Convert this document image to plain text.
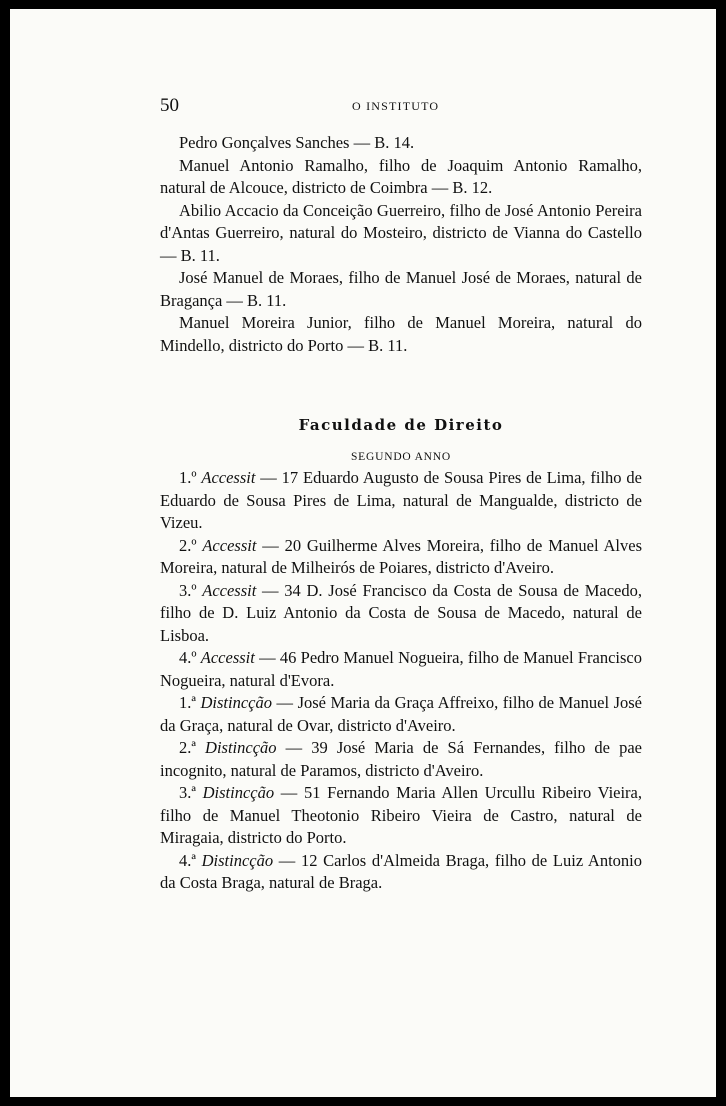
50	O INSTITUTO

Pedro Gonçalves Sanches — B. 14.

Manuel Antonio Ramalho, filho de Joaquim Antonio Ramalho, natural de Alcouce, districto de Coimbra — B. 12.

Abilio Accacio da Conceição Guerreiro, filho de José Antonio Pereira d'Antas Guerreiro, natural do Mosteiro, districto de Vianna do Castello — B. 11.

José Manuel de Moraes, filho de Manuel José de Moraes, natural de Bragança — B. 11.

Manuel Moreira Junior, filho de Manuel Moreira, natural do Mindello, districto do Porto — B. 11.

Faculdade de Direito
SEGUNDO ANNO

1.º Accessit — 17 Eduardo Augusto de Sousa Pires de Lima, filho de Eduardo de Sousa Pires de Lima, natural de Mangualde, districto de Vizeu.

2.º Accessit — 20 Guilherme Alves Moreira, filho de Manuel Alves Moreira, natural de Milheirós de Poiares, districto d'Aveiro.

3.º Accessit — 34 D. José Francisco da Costa de Sousa de Macedo, filho de D. Luiz Antonio da Costa de Sousa de Macedo, natural de Lisboa.

4.º Accessit — 46 Pedro Manuel Nogueira, filho de Manuel Francisco Nogueira, natural d'Evora.

1.ª Distincção — José Maria da Graça Affreixo, filho de Manuel José da Graça, natural de Ovar, districto d'Aveiro.

2.ª Distincção — 39 José Maria de Sá Fernandes, filho de pae incognito, natural de Paramos, districto d'Aveiro.

3.ª Distincção — 51 Fernando Maria Allen Urcullu Ribeiro Vieira, filho de Manuel Theotonio Ribeiro Vieira de Castro, natural de Miragaia, districto do Porto.

4.ª Distincção — 12 Carlos d'Almeida Braga, filho de Luiz Antonio da Costa Braga, natural de Braga.
